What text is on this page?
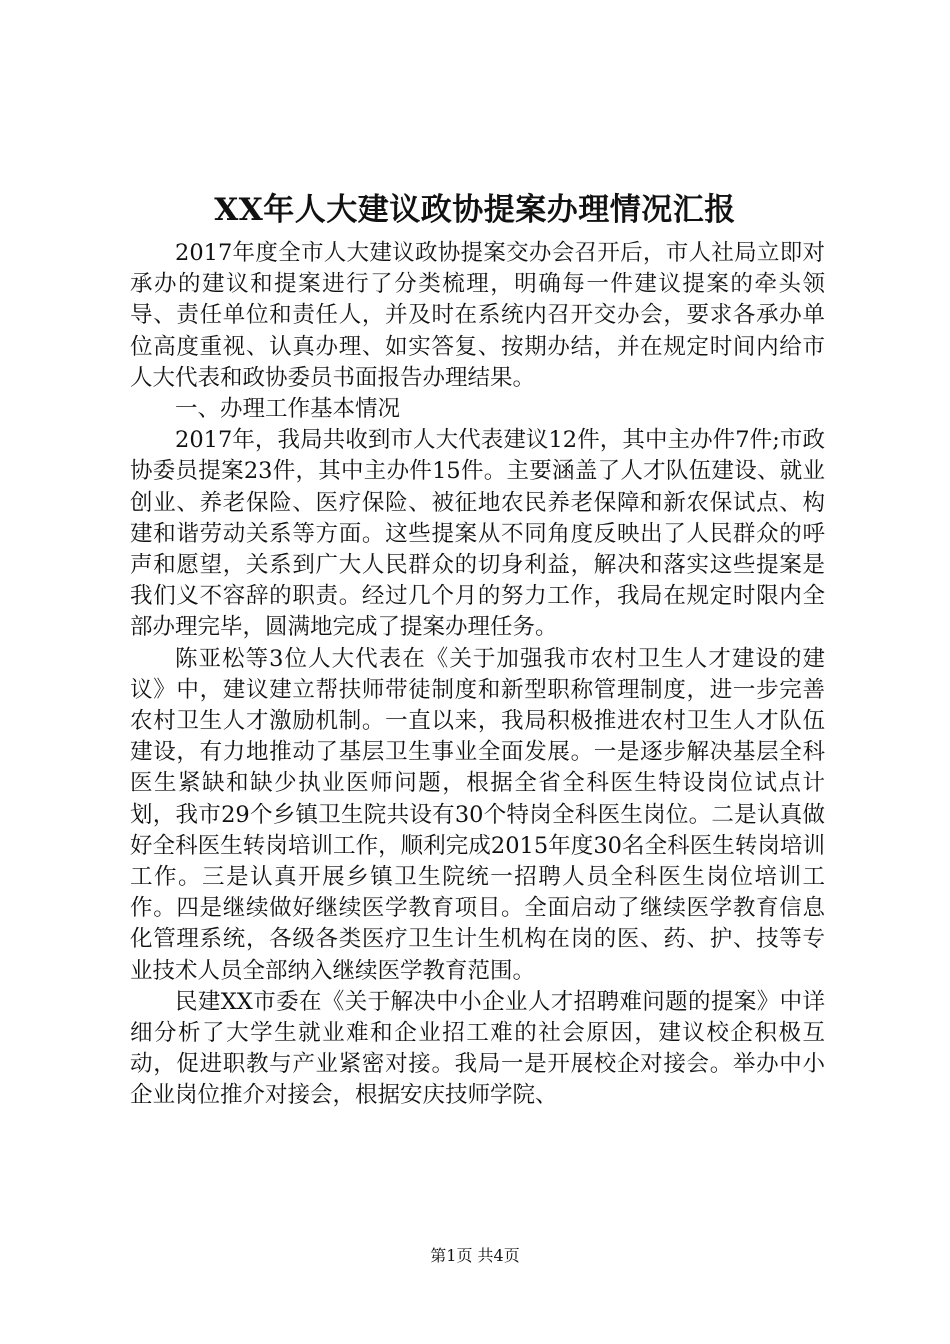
XX年人大建议政协提案办理情况汇报

2017年度全市人大建议政协提案交办会召开后，市人社局立即对承办的建议和提案进行了分类梳理，明确每一件建议提案的牵头领导、责任单位和责任人，并及时在系统内召开交办会，要求各承办单位高度重视、认真办理、如实答复、按期办结，并在规定时间内给市人大代表和政协委员书面报告办理结果。

一、办理工作基本情况

2017年，我局共收到市人大代表建议12件，其中主办件7件;市政协委员提案23件，其中主办件15件。主要涵盖了人才队伍建设、就业创业、养老保险、医疗保险、被征地农民养老保障和新农保试点、构建和谐劳动关系等方面。这些提案从不同角度反映出了人民群众的呼声和愿望，关系到广大人民群众的切身利益，解决和落实这些提案是我们义不容辞的职责。经过几个月的努力工作，我局在规定时限内全部办理完毕，圆满地完成了提案办理任务。

陈亚松等3位人大代表在《关于加强我市农村卫生人才建设的建议》中，建议建立帮扶师带徒制度和新型职称管理制度，进一步完善农村卫生人才激励机制。一直以来，我局积极推进农村卫生人才队伍建设，有力地推动了基层卫生事业全面发展。一是逐步解决基层全科医生紧缺和缺少执业医师问题，根据全省全科医生特设岗位试点计划，我市29个乡镇卫生院共设有30个特岗全科医生岗位。二是认真做好全科医生转岗培训工作，顺利完成2015年度30名全科医生转岗培训工作。三是认真开展乡镇卫生院统一招聘人员全科医生岗位培训工作。四是继续做好继续医学教育项目。全面启动了继续医学教育信息化管理系统，各级各类医疗卫生计生机构在岗的医、药、护、技等专业技术人员全部纳入继续医学教育范围。

民建XX市委在《关于解决中小企业人才招聘难问题的提案》中详细分析了大学生就业难和企业招工难的社会原因，建议校企积极互动，促进职教与产业紧密对接。我局一是开展校企对接会。举办中小企业岗位推介对接会，根据安庆技师学院、

第1页 共4页
